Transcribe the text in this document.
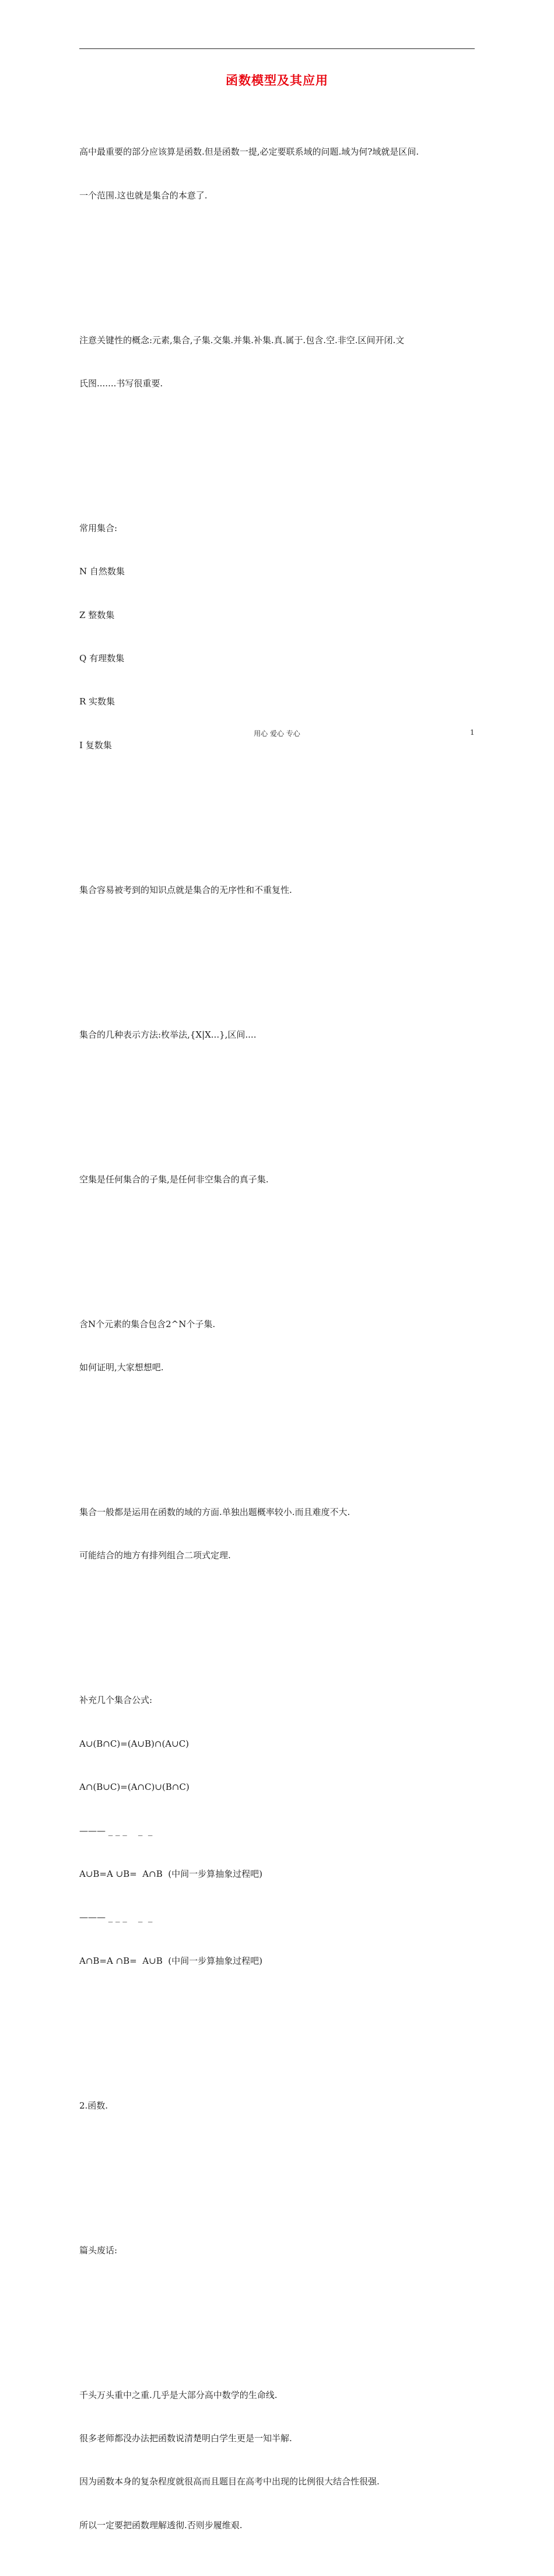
函数模型及其应用

高中最重要的部分应该算是函数.但是函数一提,必定要联系域的问题.域为何?域就是区间.

一个范围.这也就是集合的本意了.

注意关键性的概念:元素,集合,子集.交集.并集.补集.真.属于.包含.空.非空.区间开闭.文

氏图.......书写很重要.

常用集合:

N 自然数集

Z 整数集

Q 有理数集

R 实数集

I 复数集

集合容易被考到的知识点就是集合的无序性和不重复性.

集合的几种表示方法:枚举法,{X|X...},区间....

空集是任何集合的子集,是任何非空集合的真子集.

含N个元素的集合包含2^N个子集.

如何证明,大家想想吧.

集合一般都是运用在函数的域的方面.单独出题概率较小.而且难度不大.

可能结合的地方有排列组合二项式定理.

补充几个集合公式:

A∪(B∩C)=(A∪B)∩(A∪C)

A∩(B∪C)=(A∩C)∪(B∩C)

——— _ _ _    _  _

A∪B=A ∪B=  A∩B  (中间一步算抽象过程吧)

——— _ _ _    _  _

A∩B=A ∩B=  A∪B  (中间一步算抽象过程吧)

2.函数.

篇头废话:

千头万头重中之重.几乎是大部分高中数学的生命线.

很多老师都没办法把函数说清楚明白学生更是一知半解.

因为函数本身的复杂程度就很高而且题目在高考中出现的比例很大结合性很强.

所以一定要把函数理解透彻.否则步履维艰.

用心 爱心 专心	1
